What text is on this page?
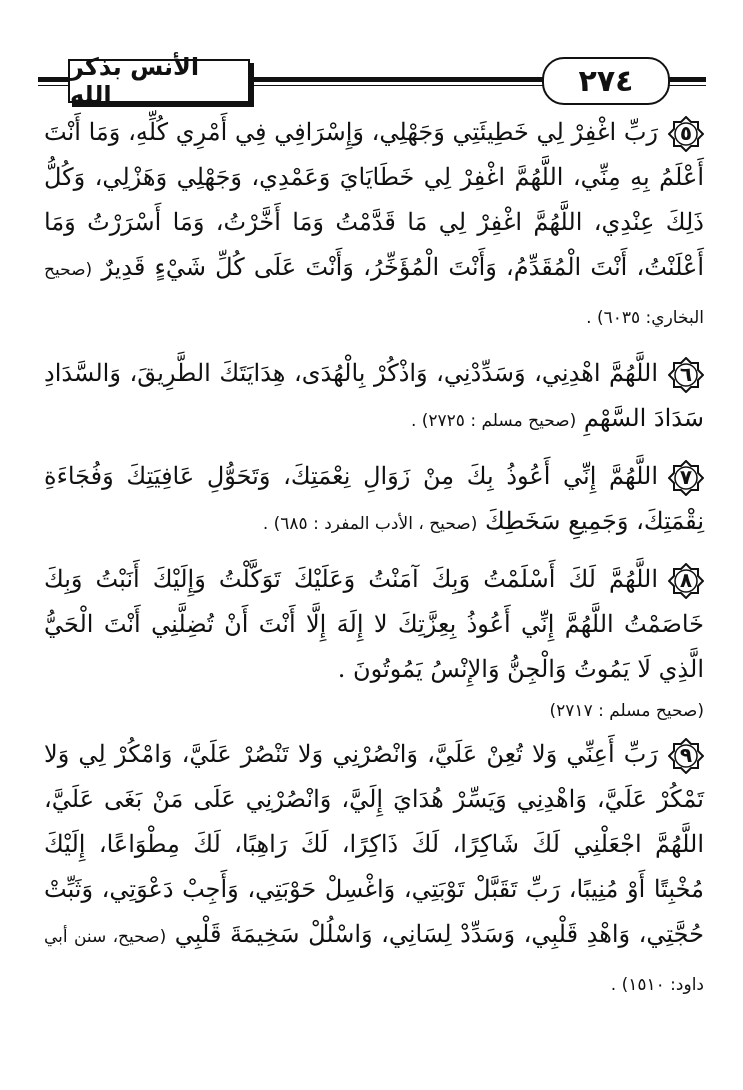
الأنس بذكر الله	٢٧٤

٥
رَبِّ اغْفِرْ لِي خَطِيئَتِي وَجَهْلِي، وَإِسْرَافِي فِي أَمْرِي كُلِّهِ، وَمَا أَنْتَ أَعْلَمُ بِهِ مِنِّي، اللَّهُمَّ اغْفِرْ لِي خَطَايَايَ وَعَمْدِي، وَجَهْلِي وَهَزْلِي، وَكُلُّ ذَلِكَ عِنْدِي، اللَّهُمَّ اغْفِرْ لِي مَا قَدَّمْتُ وَمَا أَخَّرْتُ، وَمَا أَسْرَرْتُ وَمَا أَعْلَنْتُ، أَنْتَ الْمُقَدِّمُ، وَأَنْتَ الْمُؤَخِّرُ، وَأَنْتَ عَلَى كُلِّ شَيْءٍ قَدِيرٌ (صحيح البخاري: ٦٠٣٥) .

٦
اللَّهُمَّ اهْدِنِي، وَسَدِّدْنِي، وَاذْكُرْ بِالْهُدَى، هِدَايَتَكَ الطَّرِيقَ، وَالسَّدَادِ سَدَادَ السَّهْمِ (صحيح مسلم : ٢٧٢٥) .

٧
اللَّهُمَّ إِنِّي أَعُوذُ بِكَ مِنْ زَوَالِ نِعْمَتِكَ، وَتَحَوُّلِ عَافِيَتِكَ وَفُجَاءَةِ نِقْمَتِكَ، وَجَمِيعِ سَخَطِكَ (صحيح ، الأدب المفرد : ٦٨٥) .

٨
اللَّهُمَّ لَكَ أَسْلَمْتُ وَبِكَ آمَنْتُ وَعَلَيْكَ تَوَكَّلْتُ وَإِلَيْكَ أَنَبْتُ وَبِكَ خَاصَمْتُ اللَّهُمَّ إِنِّي أَعُوذُ بِعِزَّتِكَ لا إِلَهَ إِلَّا أَنْتَ أَنْ تُضِلَّنِي أَنْتَ الْحَيُّ الَّذِي لَا يَمُوتُ وَالْجِنُّ وَالإِنْسُ يَمُوتُونَ .

(صحيح مسلم : ٢٧١٧)

٩
رَبِّ أَعِنِّي وَلا تُعِنْ عَلَيَّ، وَانْصُرْنِي وَلا تَنْصُرْ عَلَيَّ، وَامْكُرْ لِي وَلا تَمْكُرْ عَلَيَّ، وَاهْدِنِي وَيَسِّرْ هُدَايَ إِلَيَّ، وَانْصُرْنِي عَلَى مَنْ بَغَى عَلَيَّ، اللَّهُمَّ اجْعَلْنِي لَكَ شَاكِرًا، لَكَ ذَاكِرًا، لَكَ رَاهِبًا، لَكَ مِطْوَاعًا، إِلَيْكَ مُخْبِتًا أَوْ مُنِيبًا، رَبِّ تَقَبَّلْ تَوْبَتِي، وَاغْسِلْ حَوْبَتِي، وَأَجِبْ دَعْوَتِي، وَثَبِّتْ حُجَّتِي، وَاهْدِ قَلْبِي، وَسَدِّدْ لِسَانِي، وَاسْلُلْ سَخِيمَةَ قَلْبِي (صحيح، سنن أبي داود: ١٥١٠) .
